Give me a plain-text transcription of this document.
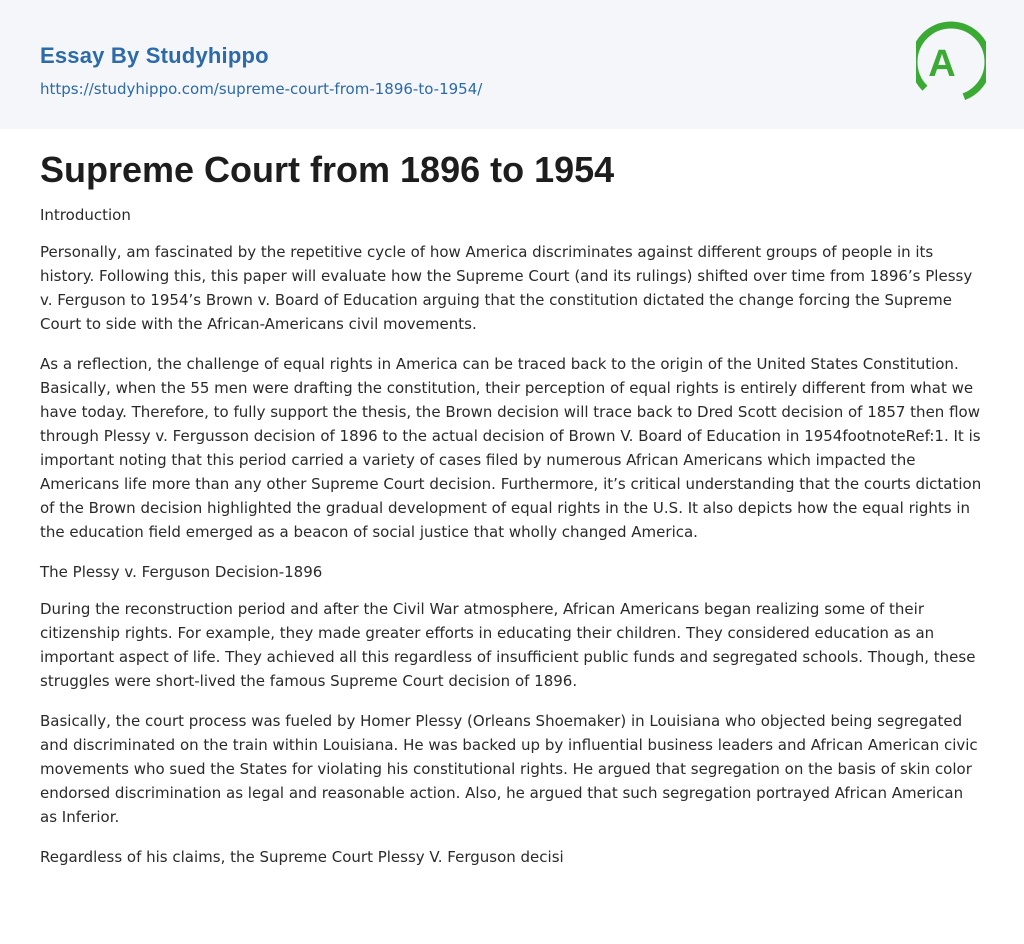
Essay By Studyhippo
https://studyhippo.com/supreme-court-from-1896-to-1954/
A
Supreme Court from 1896 to 1954

Introduction

Personally, am fascinated by the repetitive cycle of how America discriminates against different groups of people in its history. Following this, this paper will evaluate how the Supreme Court (and its rulings) shifted over time from 1896’s Plessy v. Ferguson to 1954’s Brown v. Board of Education arguing that the constitution dictated the change forcing the Supreme Court to side with the African-Americans civil movements.

As a reflection, the challenge of equal rights in America can be traced back to the origin of the United States Constitution. Basically, when the 55 men were drafting the constitution, their perception of equal rights is entirely different from what we have today. Therefore, to fully support the thesis, the Brown decision will trace back to Dred Scott decision of 1857 then flow through Plessy v. Fergusson decision of 1896 to the actual decision of Brown V. Board of Education in 1954footnoteRef:1. It is important noting that this period carried a variety of cases filed by numerous African Americans which impacted the Americans life more than any other Supreme Court decision. Furthermore, it’s critical understanding that the courts dictation of the Brown decision highlighted the gradual development of equal rights in the U.S. It also depicts how the equal rights in the education field emerged as a beacon of social justice that wholly changed America.

The Plessy v. Ferguson Decision-1896

During the reconstruction period and after the Civil War atmosphere, African Americans began realizing some of their citizenship rights. For example, they made greater efforts in educating their children. They considered education as an important aspect of life. They achieved all this regardless of insufficient public funds and segregated schools. Though, these struggles were short-lived the famous Supreme Court decision of 1896.

Basically, the court process was fueled by Homer Plessy (Orleans Shoemaker) in Louisiana who objected being segregated and discriminated on the train within Louisiana. He was backed up by influential business leaders and African American civic movements who sued the States for violating his constitutional rights. He argued that segregation on the basis of skin color endorsed discrimination as legal and reasonable action. Also, he argued that such segregation portrayed African American as Inferior.

Regardless of his claims, the Supreme Court Plessy V. Ferguson decisi
